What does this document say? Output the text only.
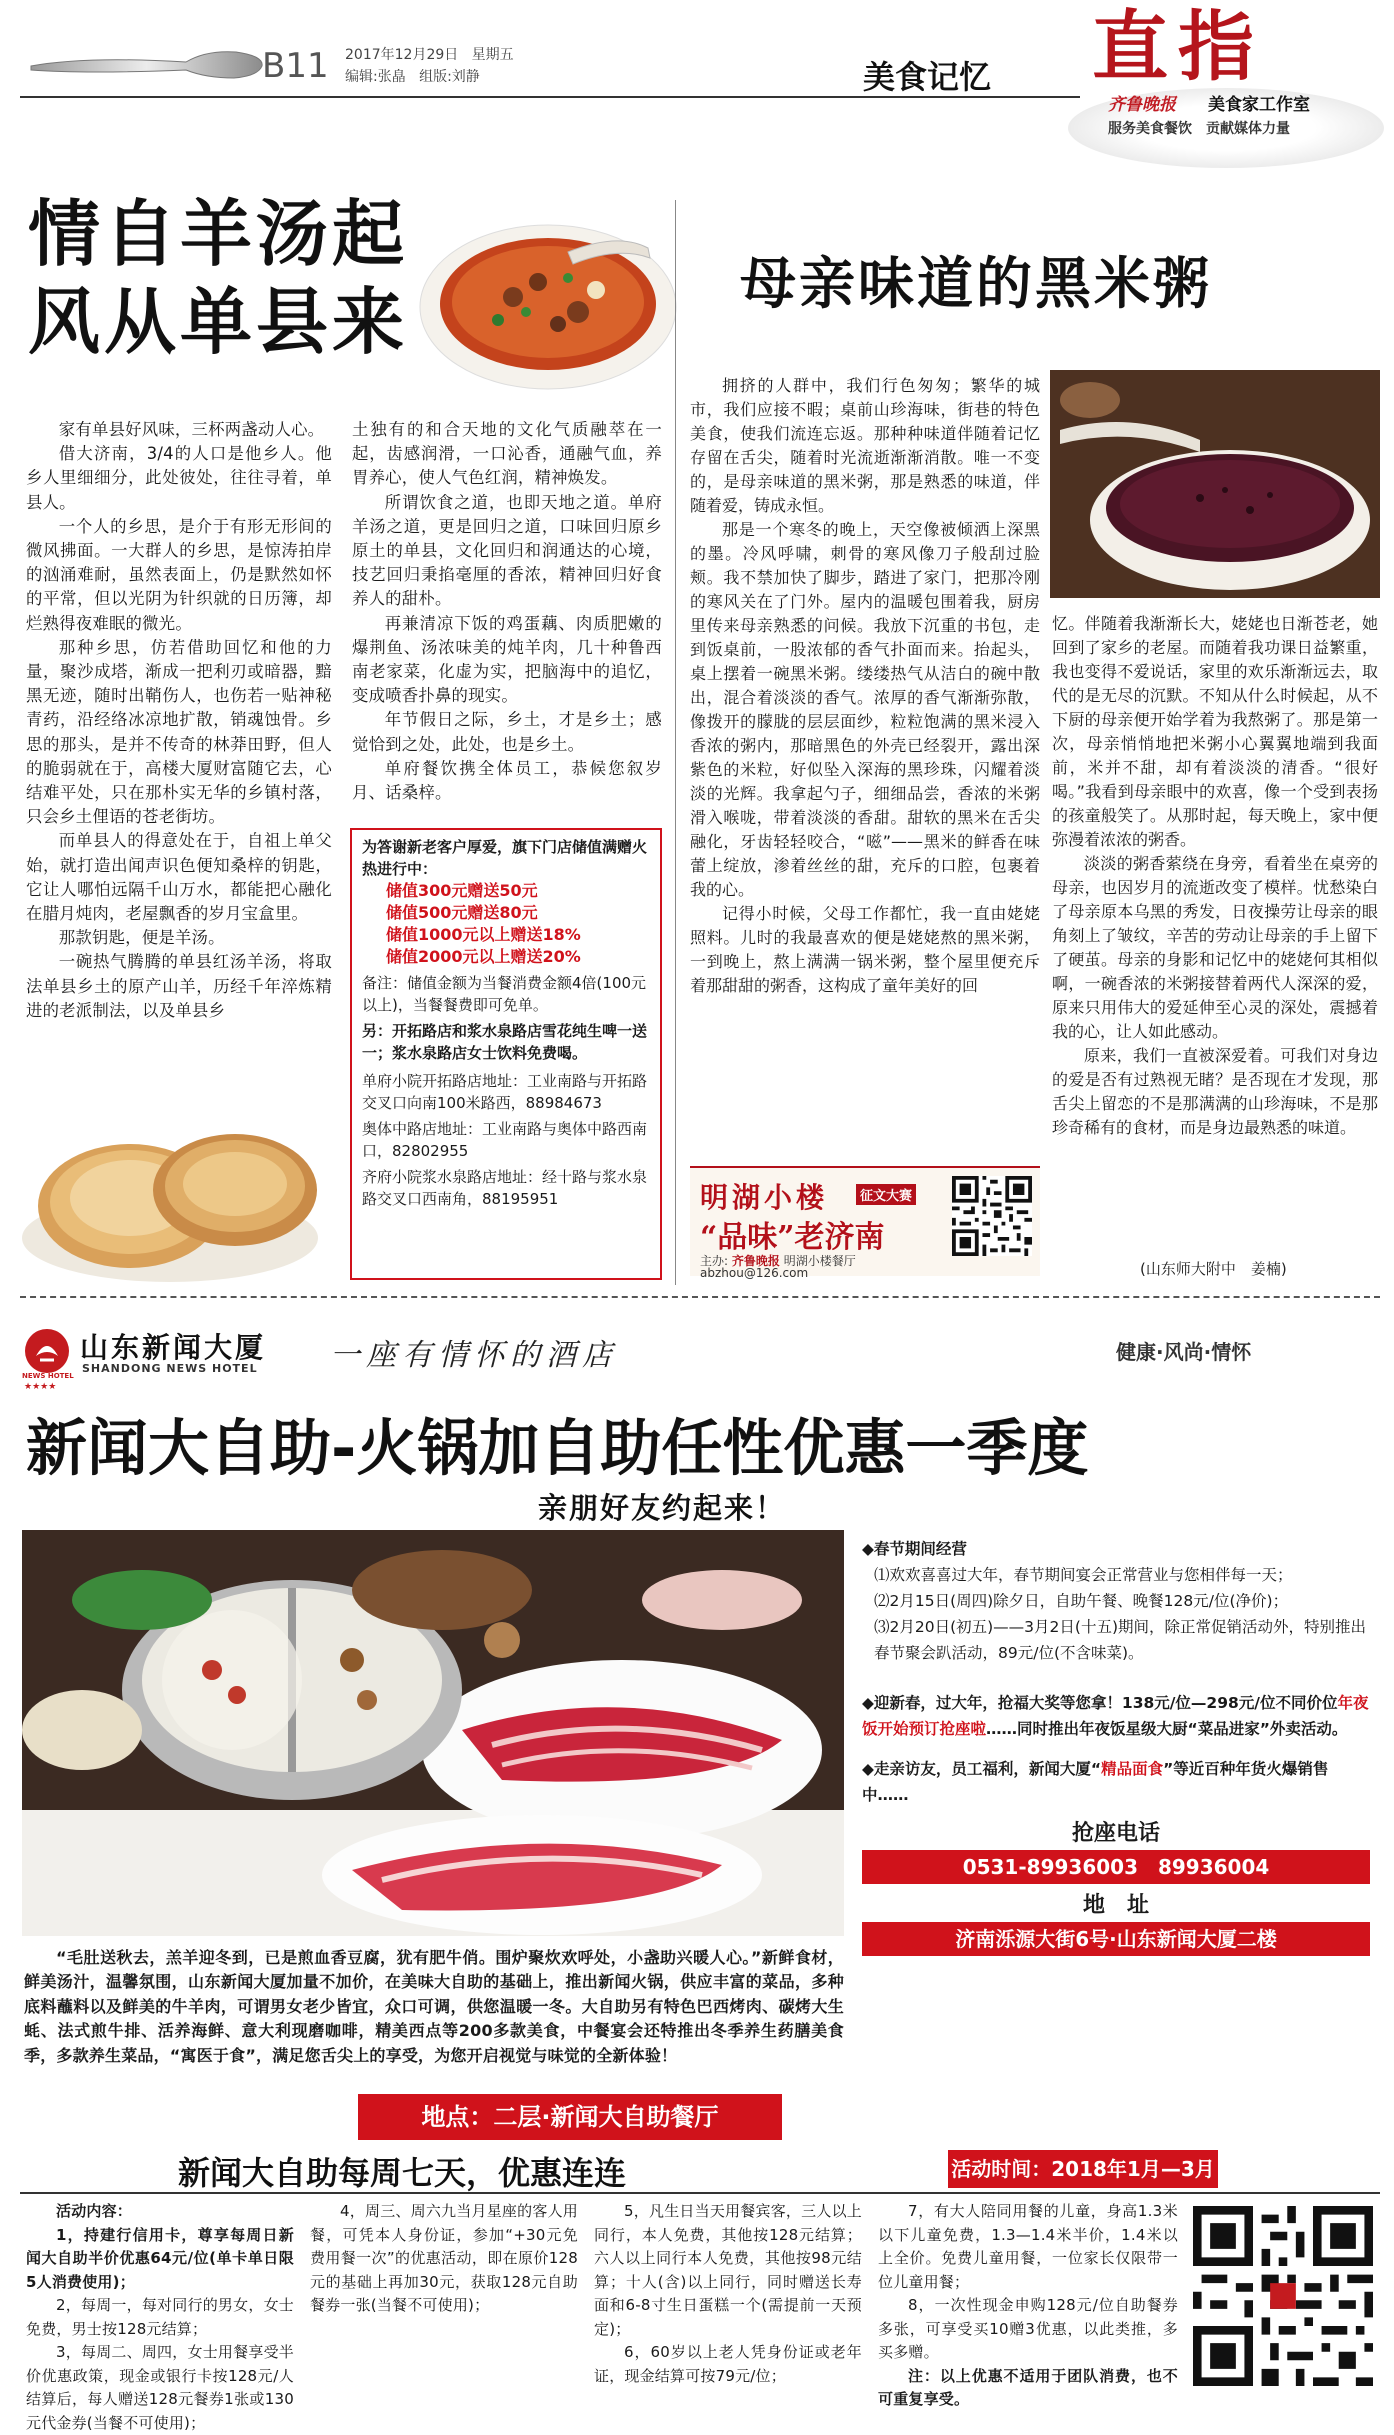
B11 2017年12月29日 星期五
编辑:张皛 组版:刘静	美食记忆 直指
齐鲁晚报 美食家工作室
服务美食餐饮　贡献媒体力量
情自羊汤起
风从单县来

家有单县好风味，三杯两盏动人心。

借大济南，3/4的人口是他乡人。他乡人里细细分，此处彼处，往往寻着，单县人。

一个人的乡思，是介于有形无形间的微风拂面。一大群人的乡思，是惊涛拍岸的汹涌难耐，虽然表面上，仍是默然如怀的平常，但以光阴为针织就的日历簿，却烂熟得夜难眠的微光。

那种乡思，仿若借助回忆和他的力量，聚沙成塔，渐成一把利刃或暗器，黯黑无迹，随时出鞘伤人，也伤若一贴神秘青药，沿经络冰凉地扩散，销魂蚀骨。乡思的那头，是并不传奇的林莽田野，但人的脆弱就在于，高楼大厦财富随它去，心结难平处，只在那朴实无华的乡镇村落，只会乡土俚语的苍老街坊。

而单县人的得意处在于，自祖上单父始，就打造出闻声识色便知桑梓的钥匙，它让人哪怕远隔千山万水，都能把心融化在腊月炖肉，老屋飘香的岁月宝盒里。

那款钥匙，便是羊汤。

一碗热气腾腾的单县红汤羊汤，将取法单县乡土的原产山羊，历经千年淬炼精进的老派制法，以及单县乡

土独有的和合天地的文化气质融萃在一起，齿感润滑，一口沁香，通融气血，养胃养心，使人气色红润，精神焕发。

所谓饮食之道，也即天地之道。单府羊汤之道，更是回归之道，口味回归原乡原土的单县，文化回归和润通达的心境，技艺回归秉掐毫厘的香浓，精神回归好食养人的甜朴。

再兼清凉下饭的鸡蛋藕、肉质肥嫩的爆荆鱼、汤浓味美的炖羊肉，几十种鲁西南老家菜，化虚为实，把脑海中的追忆，变成喷香扑鼻的现实。

年节假日之际，乡土，才是乡土；感觉恰到之处，此处，也是乡土。

单府餐饮携全体员工，恭候您叙岁月、话桑梓。

为答谢新老客户厚爱，旗下门店储值满赠火热进行中：
储值300元赠送50元
储值500元赠送80元
储值1000元以上赠送18%
储值2000元以上赠送20%
备注：储值金额为当餐消费金额4倍(100元以上)，当餐餐费即可免单。
另：开拓路店和浆水泉路店雪花纯生啤一送一；浆水泉路店女士饮料免费喝。
单府小院开拓路店地址：工业南路与开拓路交叉口向南100米路西，88984673
奥体中路店地址：工业南路与奥体中路西南口，82802955
齐府小院浆水泉路店地址：经十路与浆水泉路交叉口西南角，88195951
母亲味道的黑米粥

拥挤的人群中，我们行色匆匆；繁华的城市，我们应接不暇；桌前山珍海味，街巷的特色美食，使我们流连忘返。那种种味道伴随着记忆存留在舌尖，随着时光流逝渐渐消散。唯一不变的，是母亲味道的黑米粥，那是熟悉的味道，伴随着爱，铸成永恒。

那是一个寒冬的晚上，天空像被倾洒上深黑的墨。冷风呼啸，刺骨的寒风像刀子般刮过脸颊。我不禁加快了脚步，踏进了家门，把那冷刚的寒风关在了门外。屋内的温暖包围着我，厨房里传来母亲熟悉的问候。我放下沉重的书包，走到饭桌前，一股浓郁的香气扑面而来。抬起头，桌上摆着一碗黑米粥。缕缕热气从洁白的碗中散出，混合着淡淡的香气。浓厚的香气渐渐弥散，像拨开的朦胧的层层面纱，粒粒饱满的黑米浸入香浓的粥内，那暗黑色的外壳已经裂开，露出深紫色的米粒，好似坠入深海的黑珍珠，闪耀着淡淡的光辉。我拿起勺子，细细品尝，香浓的米粥滑入喉咙，带着淡淡的香甜。甜软的黑米在舌尖融化，牙齿轻轻咬合，“嗞”——黑米的鲜香在味蕾上绽放，渗着丝丝的甜，充斥的口腔，包裹着我的心。

记得小时候，父母工作都忙，我一直由姥姥照料。儿时的我最喜欢的便是姥姥熬的黑米粥，一到晚上，熬上满满一锅米粥，整个屋里便充斥着那甜甜的粥香，这构成了童年美好的回

忆。伴随着我渐渐长大，姥姥也日渐苍老，她回到了家乡的老屋。而随着我功课日益繁重，我也变得不爱说话，家里的欢乐渐渐远去，取代的是无尽的沉默。不知从什么时候起，从不下厨的母亲便开始学着为我熬粥了。那是第一次，母亲悄悄地把米粥小心翼翼地端到我面前，米并不甜，却有着淡淡的清香。“很好喝。”我看到母亲眼中的欢喜，像一个受到表扬的孩童般笑了。从那时起，每天晚上，家中便弥漫着浓浓的粥香。

淡淡的粥香萦绕在身旁，看着坐在桌旁的母亲，也因岁月的流逝改变了模样。忧愁染白了母亲原本乌黑的秀发，日夜操劳让母亲的眼角刻上了皱纹，辛苦的劳动让母亲的手上留下了硬茧。母亲的身影和记忆中的姥姥何其相似啊，一碗香浓的米粥接替着两代人深深的爱，原来只用伟大的爱延伸至心灵的深处，震撼着我的心，让人如此感动。

原来，我们一直被深爱着。可我们对身边的爱是否有过熟视无睹？是否现在才发现，那舌尖上留恋的不是那满满的山珍海味，不是那珍奇稀有的食材，而是身边最熟悉的味道。

(山东师大附中　姜楠)
明湖小楼	征文大赛
“品味”老济南
主办: 齐鲁晚报 明湖小楼餐厅
abzhou@126.com
NEWS HOTEL
★★★★
山东新闻大厦
SHANDONG NEWS HOTEL 一座有情怀的酒店	健康·风尚·情怀
新闻大自助-火锅加自助任性优惠一季度
亲朋好友约起来！
“毛肚送秋去，羔羊迎冬到，已是煎血香豆腐，犹有肥牛俏。围炉聚炊欢呼处，小盏助兴暖人心。”新鲜食材，鲜美汤汁，温馨氛围，山东新闻大厦加量不加价，在美味大自助的基础上，推出新闻火锅，供应丰富的菜品，多种底料蘸料以及鲜美的牛羊肉，可谓男女老少皆宜，众口可调，供您温暖一冬。大自助另有特色巴西烤肉、碳烤大生蚝、法式煎牛排、活养海鲜、意大利现磨咖啡，精美西点等200多款美食，中餐宴会还特推出冬季养生药膳美食季，多款养生菜品，“寓医于食”，满足您舌尖上的享受，为您开启视觉与味觉的全新体验！
地点：二层·新闻大自助餐厅
◆春节期间经营
⑴欢欢喜喜过大年，春节期间宴会正常营业与您相伴每一天；
⑵2月15日(周四)除夕日，自助午餐、晚餐128元/位(净价)；
⑶2月20日(初五)——3月2日(十五)期间，除正常促销活动外，特别推出春节聚会趴活动，89元/位(不含味菜)。
◆迎新春，过大年，抢福大奖等您拿！138元/位—298元/位不同价位年夜饭开始预订抢座啦……同时推出年夜饭星级大厨“菜品进家”外卖活动。
◆走亲访友，员工福利，新闻大厦“精品面食”等近百种年货火爆销售中……
抢座电话
0531-89936003　89936004
地　址
济南泺源大街6号·山东新闻大厦二楼
新闻大自助每周七天，优惠连连	活动时间：2018年1月—3月
活动内容：
1，持建行信用卡，尊享每周日新闻大自助半价优惠64元/位(单卡单日限5人消费使用)；
2，每周一，每对同行的男女，女士免费，男士按128元结算；
3，每周二、周四，女士用餐享受半价优惠政策，现金或银行卡按128元/人结算后，每人赠送128元餐券1张或130元代金券(当餐不可使用)；
4，周三、周六九当月星座的客人用餐，可凭本人身份证，参加“+30元免费用餐一次”的优惠活动，即在原价128元的基础上再加30元，获取128元自助餐券一张(当餐不可使用)；
5，凡生日当天用餐宾客，三人以上同行，本人免费，其他按128元结算；六人以上同行本人免费，其他按98元结算；十人(含)以上同行，同时赠送长寿面和6-8寸生日蛋糕一个(需提前一天预定)；
6，60岁以上老人凭身份证或老年证，现金结算可按79元/位；
7，有大人陪同用餐的儿童，身高1.3米以下儿童免费，1.3—1.4米半价，1.4米以上全价。免费儿童用餐，一位家长仅限带一位儿童用餐；
8，一次性现金申购128元/位自助餐券多张，可享受买10赠3优惠，以此类推，多买多赠。
注：以上优惠不适用于团队消费，也不可重复享受。
